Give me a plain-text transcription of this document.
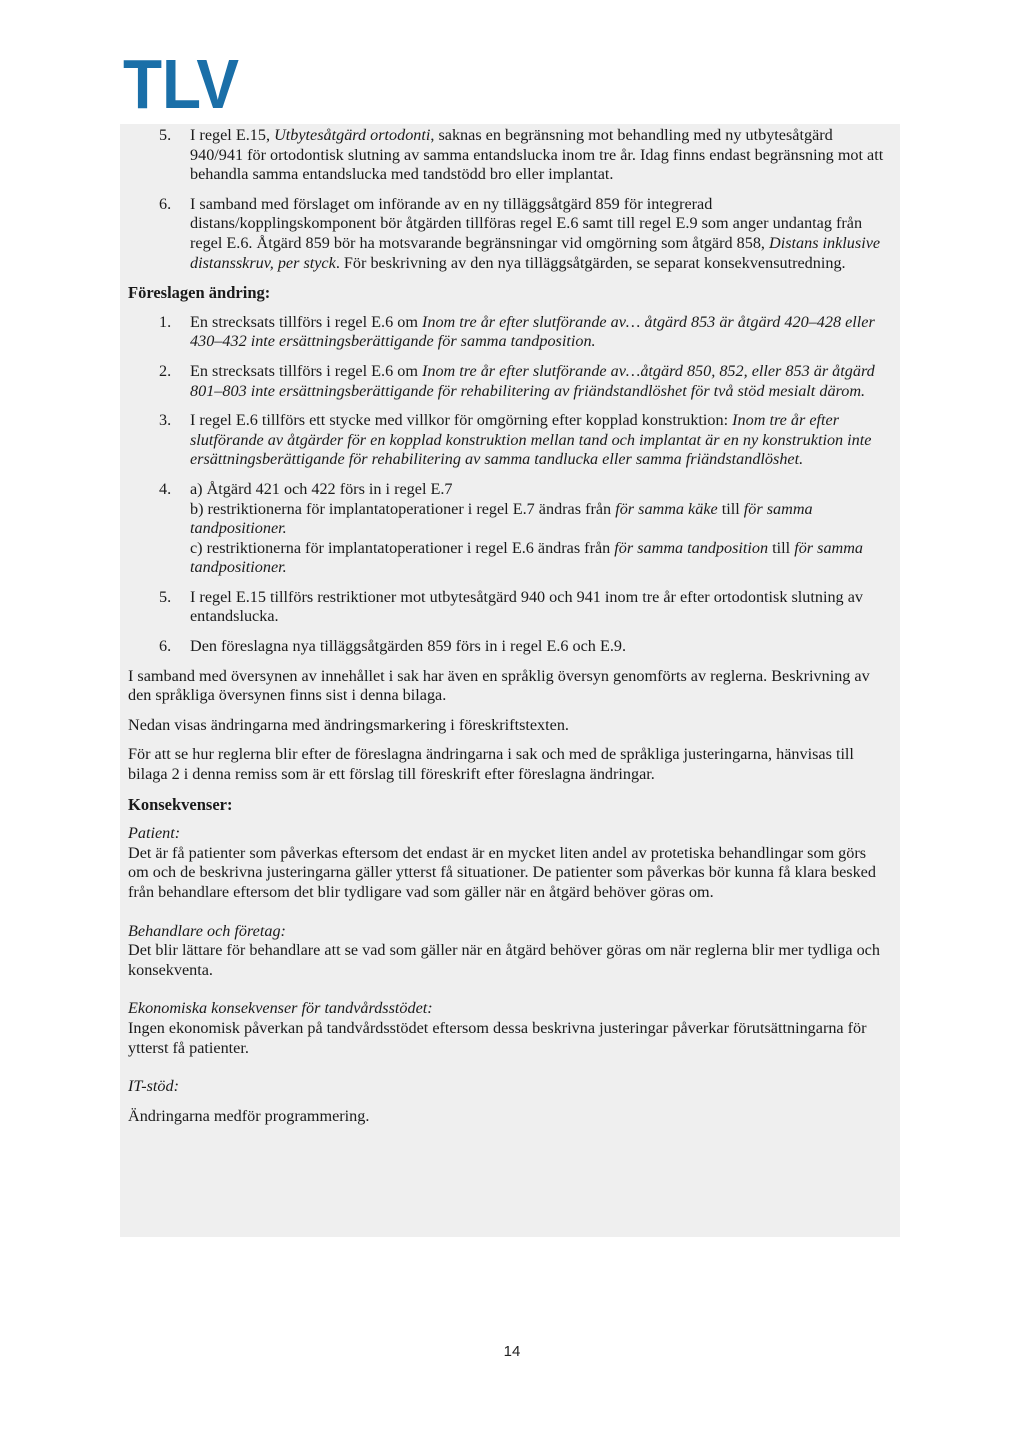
TLV
5.	I regel E.15, Utbytesåtgärd ortodonti, saknas en begränsning mot behandling med ny utbytesåtgärd 940/941 för ortodontisk slutning av samma entandslucka inom tre år. Idag finns endast begränsning mot att behandla samma entandslucka med tandstödd bro eller implantat.
6.	I samband med förslaget om införande av en ny tilläggsåtgärd 859 för integrerad distans/kopplingskomponent bör åtgärden tillföras regel E.6 samt till regel E.9 som anger undantag från regel E.6. Åtgärd 859 bör ha motsvarande begränsningar vid omgörning som åtgärd 858, Distans inklusive distansskruv, per styck. För beskrivning av den nya tilläggsåtgärden, se separat konsekvensutredning.
Föreslagen ändring:
1.	En strecksats tillförs i regel E.6 om Inom tre år efter slutförande av… åtgärd 853 är åtgärd 420–428 eller 430–432 inte ersättningsberättigande för samma tandposition.
2.	En strecksats tillförs i regel E.6 om Inom tre år efter slutförande av…åtgärd 850, 852, eller 853 är åtgärd 801–803 inte ersättningsberättigande för rehabilitering av friändstandlöshet för två stöd mesialt därom.
3.	I regel E.6 tillförs ett stycke med villkor för omgörning efter kopplad konstruktion: Inom tre år efter slutförande av åtgärder för en kopplad konstruktion mellan tand och implantat är en ny konstruktion inte ersättningsberättigande för rehabilitering av samma tandlucka eller samma friändstandlöshet.
4.	a) Åtgärd 421 och 422 förs in i regel E.7
b) restriktionerna för implantatoperationer i regel E.7 ändras från för samma käke till för samma tandpositioner.
c) restriktionerna för implantatoperationer i regel E.6 ändras från för samma tandposition till för samma tandpositioner.
5.	I regel E.15 tillförs restriktioner mot utbytesåtgärd 940 och 941 inom tre år efter ortodontisk slutning av entandslucka.
6.	Den föreslagna nya tilläggsåtgärden 859 förs in i regel E.6 och E.9.
I samband med översynen av innehållet i sak har även en språklig översyn genomförts av reglerna. Beskrivning av den språkliga översynen finns sist i denna bilaga.
Nedan visas ändringarna med ändringsmarkering i föreskriftstexten.
För att se hur reglerna blir efter de föreslagna ändringarna i sak och med de språkliga justeringarna, hänvisas till bilaga 2 i denna remiss som är ett förslag till föreskrift efter föreslagna ändringar.
Konsekvenser:
Patient:
Det är få patienter som påverkas eftersom det endast är en mycket liten andel av protetiska behandlingar som görs om och de beskrivna justeringarna gäller ytterst få situationer. De patienter som påverkas bör kunna få klara besked från behandlare eftersom det blir tydligare vad som gäller när en åtgärd behöver göras om.
Behandlare och företag:
Det blir lättare för behandlare att se vad som gäller när en åtgärd behöver göras om när reglerna blir mer tydliga och konsekventa.
Ekonomiska konsekvenser för tandvårdsstödet:
Ingen ekonomisk påverkan på tandvårdsstödet eftersom dessa beskrivna justeringar påverkar förutsättningarna för ytterst få patienter.
IT-stöd:
Ändringarna medför programmering.
14
